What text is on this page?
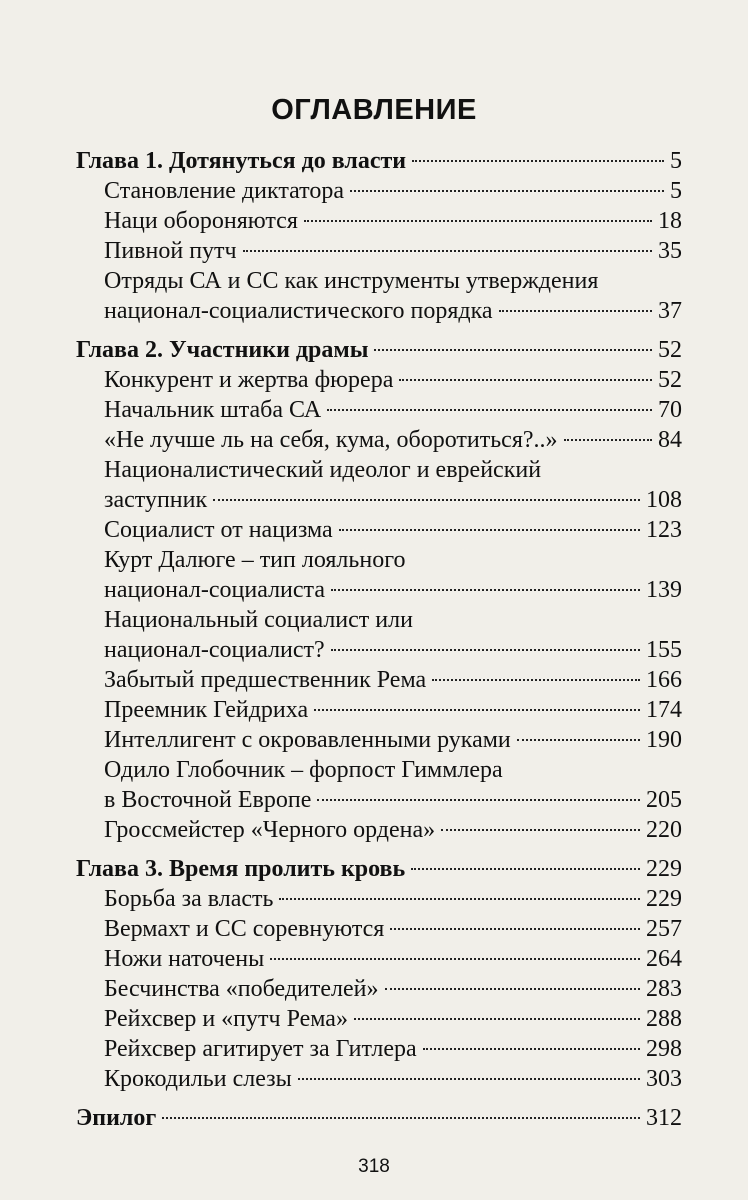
ОГЛАВЛЕНИЕ
Глава 1. Дотянуться до власти	5
Становление диктатора	5
Наци обороняются	18
Пивной путч	35
Отряды СА и СС как инструменты утверждения
национал-социалистического порядка	37
Глава 2. Участники драмы	52
Конкурент и жертва фюрера	52
Начальник штаба СА	70
«Не лучше ль на себя, кума, оборотиться?..»	84
Националистический идеолог и еврейский
заступник	108
Социалист от нацизма	123
Курт Далюге – тип лояльного
национал-социалиста	139
Национальный социалист или
национал-социалист?	155
Забытый предшественник Рема	166
Преемник Гейдриха	174
Интеллигент с окровавленными руками	190
Одило Глобочник – форпост Гиммлера
в Восточной Европе	205
Гроссмейстер «Черного ордена»	220
Глава 3. Время пролить кровь	229
Борьба за власть	229
Вермахт и СС соревнуются	257
Ножи наточены	264
Бесчинства «победителей»	283
Рейхсвер и «путч Рема»	288
Рейхсвер агитирует за Гитлера	298
Крокодильи слезы	303
Эпилог	312
318
